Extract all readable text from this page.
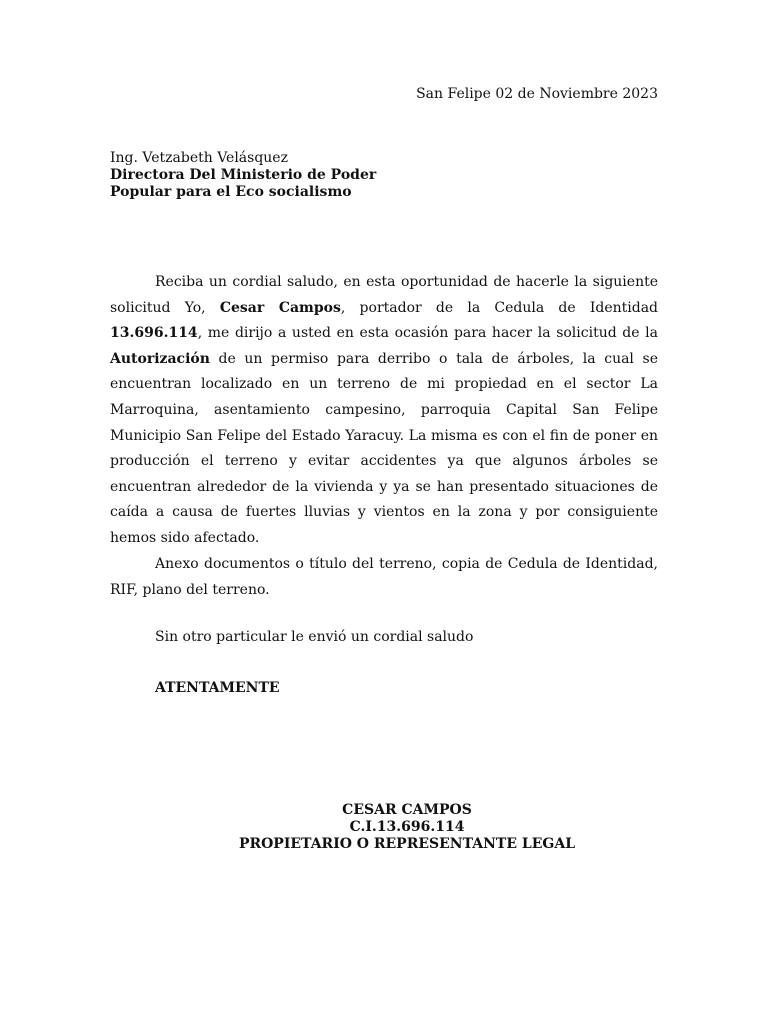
San Felipe 02 de Noviembre 2023
Ing. Vetzabeth Velásquez
Directora Del Ministerio de Poder
Popular para el Eco socialismo

Reciba un cordial saludo, en esta oportunidad de hacerle la siguiente solicitud Yo, Cesar Campos, portador de la Cedula de Identidad 13.696.114, me dirijo a usted en esta ocasión para hacer la solicitud de la Autorización de un permiso para derribo o tala de árboles, la cual se encuentran localizado en un terreno de mi propiedad en el sector La Marroquina, asentamiento campesino, parroquia Capital San Felipe Municipio San Felipe del Estado Yaracuy. La misma es con el fin de poner en producción el terreno y evitar accidentes ya que algunos árboles se encuentran alrededor de la vivienda y ya se han presentado situaciones de caída a causa de fuertes lluvias y vientos en la zona y por consiguiente hemos sido afectado.

Anexo documentos o título del terreno, copia de Cedula de Identidad, RIF, plano del terreno.
Sin otro particular le envió un cordial saludo
ATENTAMENTE
CESAR CAMPOS
C.I.13.696.114
PROPIETARIO O REPRESENTANTE LEGAL
